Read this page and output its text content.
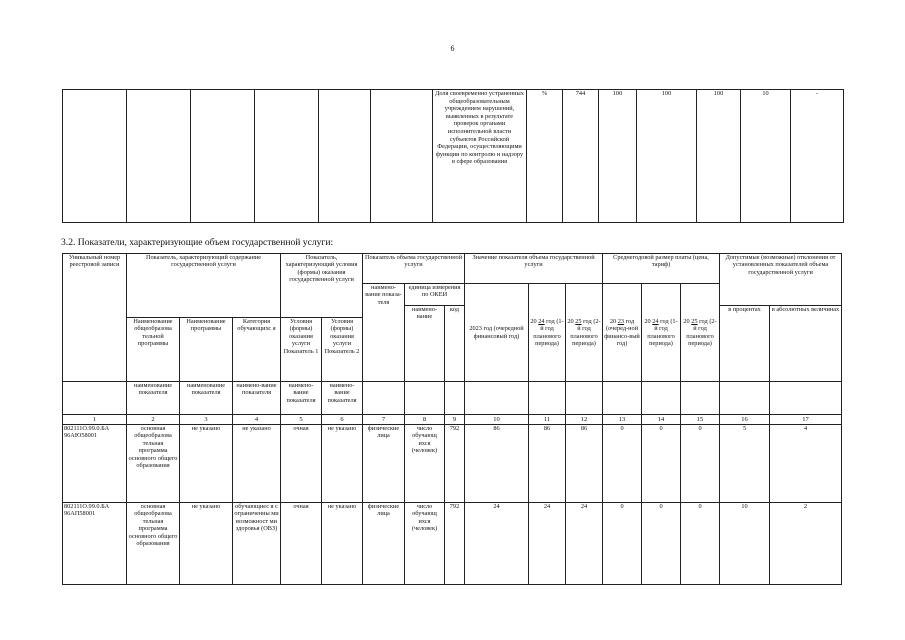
6
						Доля своевременно устраненных общеобразовательным учреждением нарушений, выявленных в результате проверок органами исполнительной власти субъектов Российской Федерации, осуществляющими функции по контролю и надзору в сфере образования	%	744	100	100	100	10	-
3.2. Показатели, характеризующие объем государственной услуги:
Уникальный номер реестровой записи	Показатель, характеризующий содержание государственной услуги			Показатель, характеризующий условия (формы) оказания государственной услуги		Показатель объема государственной услуги			Значение показателя объема государственной услуги			Среднегодовой размер платы (цена, тариф)			Допустимые (возможные) отклонения от установленных показателей объема государственной услуги	
						наимено-вание показа-теля	единица измерения по ОКЕИ		2023 год (очередной финансовый год)	20 24 год (1-й год планового периода)	20 25 год (2-й год планового периода)	20 23 год (очеред-ной финансо-вый год)	20 24 год (1-й год планового периода)	20 25 год (2-й год планового периода)		
							наимено-вание	код							в процентах	в абсолютных величинах
	Наименование общеобразова тельной программы	Наименование программы	Категория обучающихс я	Условия (формы) оказания услуги Показатель 1	Условия (формы) оказания услуги Показатель 2											
	наименование показателя	наименование показателя	наимено-вание показателя	наимено-вание показателя	наимено-вание показателя											
1	2	3	4	5	6	7	8	9	10	11	12	13	14	15	16	17
802111О.99.0.БА 96АЮ58001	основная общеобразова тельная программа основного общего образования	не указано	не указано	очная	не указано	физические лица	число обучающ ихся (человек)	792	86	86	86	0	0	0	5	4
802111О.99.0.БА 96АП58001	основная общеобразова тельная программа основного общего образования	не указано	обучающиес я с ограниченны ми возможност ми здоровья (ОВЗ)	очная	не указано	физические лица	число обучающ ихся (человек)	792	24	24	24	0	0	0	10	2
